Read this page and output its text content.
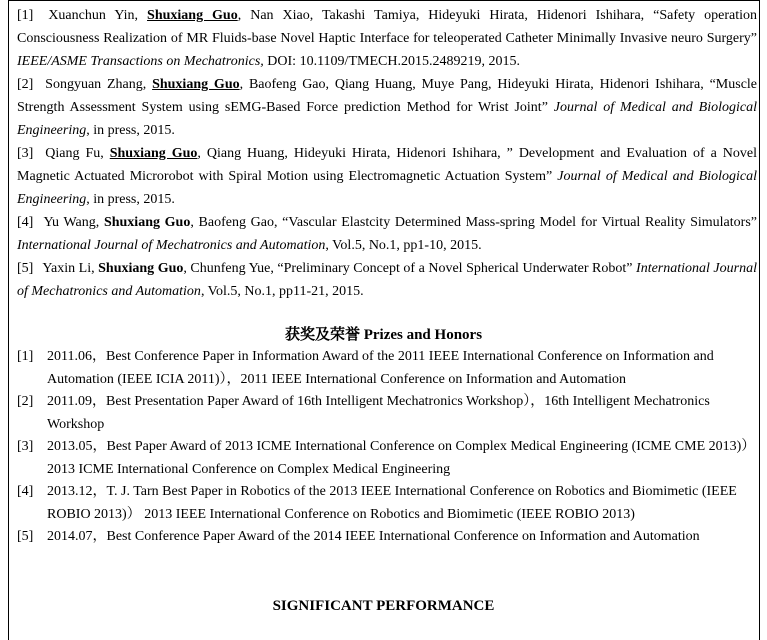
[1] Xuanchun Yin, Shuxiang Guo, Nan Xiao, Takashi Tamiya, Hideyuki Hirata, Hidenori Ishihara, “Safety operation Consciousness Realization of MR Fluids-base Novel Haptic Interface for teleoperated Catheter Minimally Invasive neuro Surgery” IEEE/ASME Transactions on Mechatronics, DOI: 10.1109/TMECH.2015.2489219, 2015.

[2] Songyuan Zhang, Shuxiang Guo, Baofeng Gao, Qiang Huang, Muye Pang, Hideyuki Hirata, Hidenori Ishihara, “Muscle Strength Assessment System using sEMG-Based Force prediction Method for Wrist Joint” Journal of Medical and Biological Engineering, in press, 2015.

[3] Qiang Fu, Shuxiang Guo, Qiang Huang, Hideyuki Hirata, Hidenori Ishihara, ” Development and Evaluation of a Novel Magnetic Actuated Microrobot with Spiral Motion using Electromagnetic Actuation System” Journal of Medical and Biological Engineering, in press, 2015.

[4] Yu Wang, Shuxiang Guo, Baofeng Gao, “Vascular Elastcity Determined Mass-spring Model for Virtual Reality Simulators” International Journal of Mechatronics and Automation, Vol.5, No.1, pp1-10, 2015.

[5] Yaxin Li, Shuxiang Guo, Chunfeng Yue, “Preliminary Concept of a Novel Spherical Underwater Robot” International Journal of Mechatronics and Automation, Vol.5, No.1, pp11-21, 2015.

获奖及荣誉 Prizes and Honors
[1] 2011.06，Best Conference Paper in Information Award of the 2011 IEEE International Conference on Information and Automation (IEEE ICIA 2011)），2011 IEEE International Conference on Information and Automation
[2] 2011.09，Best Presentation Paper Award of 16th Intelligent Mechatronics Workshop），16th Intelligent Mechatronics Workshop
[3] 2013.05，Best Paper Award of 2013 ICME International Conference on Complex Medical Engineering (ICME CME 2013)） 2013 ICME International Conference on Complex Medical Engineering
[4] 2013.12，T. J. Tarn Best Paper in Robotics of the 2013 IEEE International Conference on Robotics and Biomimetic (IEEE ROBIO 2013)） 2013 IEEE International Conference on Robotics and Biomimetic (IEEE ROBIO 2013)
[5] 2014.07，Best Conference Paper Award of the 2014 IEEE International Conference on Information and Automation
SIGNIFICANT PERFORMANCE
